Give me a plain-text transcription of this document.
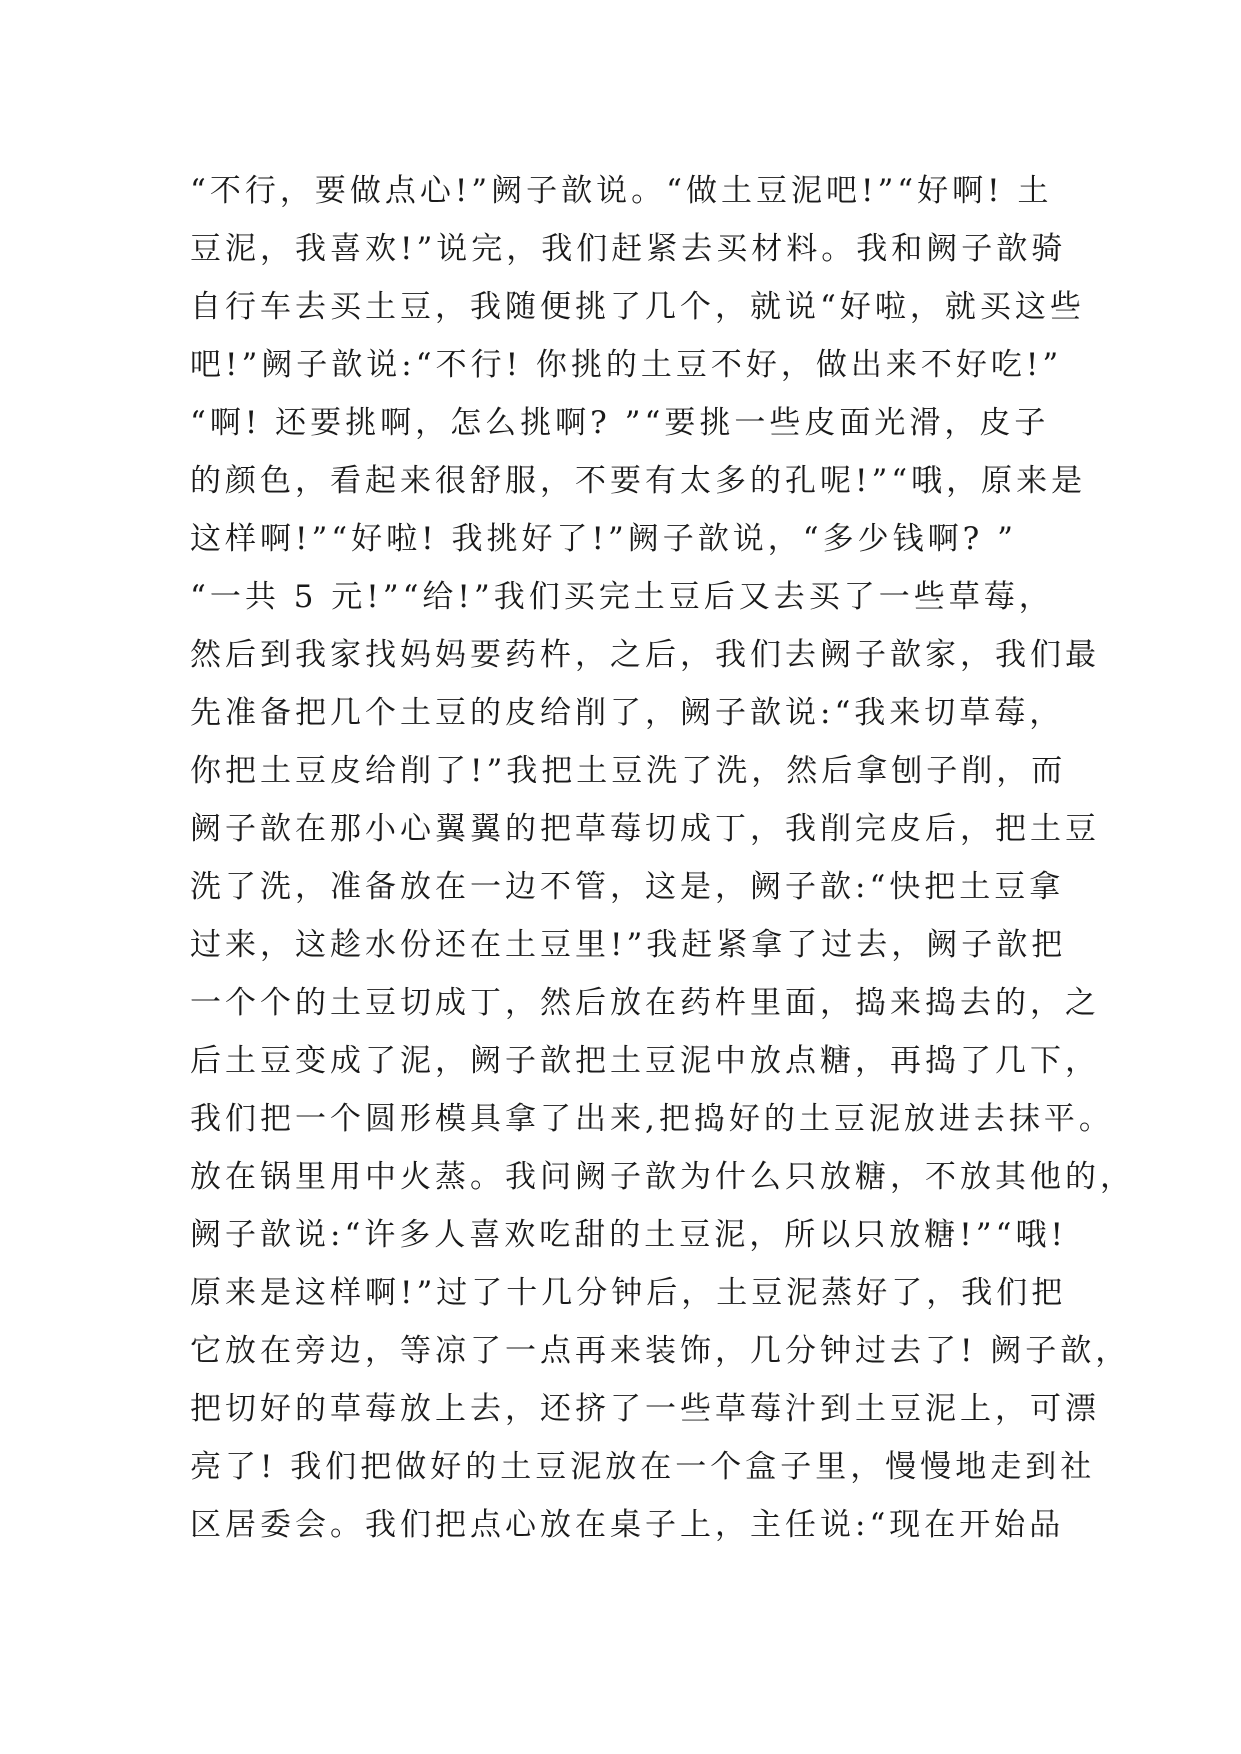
“不行，要做点心!”阙子歆说。“做土豆泥吧!”“好啊! 土
豆泥，我喜欢!”说完，我们赶紧去买材料。我和阙子歆骑
自行车去买土豆，我随便挑了几个，就说“好啦，就买这些
吧!”阙子歆说:“不行! 你挑的土豆不好，做出来不好吃!”
“啊! 还要挑啊，怎么挑啊? ”“要挑一些皮面光滑，皮子
的颜色，看起来很舒服，不要有太多的孔呢!”“哦，原来是
这样啊!”“好啦! 我挑好了!”阙子歆说，“多少钱啊? ”
“一共 5 元!”“给!”我们买完土豆后又去买了一些草莓，
然后到我家找妈妈要药杵，之后，我们去阙子歆家，我们最
先准备把几个土豆的皮给削了，阙子歆说:“我来切草莓，
你把土豆皮给削了!”我把土豆洗了洗，然后拿刨子削，而
阙子歆在那小心翼翼的把草莓切成丁，我削完皮后，把土豆
洗了洗，准备放在一边不管，这是，阙子歆:“快把土豆拿
过来，这趁水份还在土豆里!”我赶紧拿了过去，阙子歆把
一个个的土豆切成丁，然后放在药杵里面，捣来捣去的，之
后土豆变成了泥，阙子歆把土豆泥中放点糖，再捣了几下，
我们把一个圆形模具拿了出来,把捣好的土豆泥放进去抹平。
放在锅里用中火蒸。我问阙子歆为什么只放糖，不放其他的，
阙子歆说:“许多人喜欢吃甜的土豆泥，所以只放糖!”“哦!
原来是这样啊!”过了十几分钟后，土豆泥蒸好了，我们把
它放在旁边，等凉了一点再来装饰，几分钟过去了! 阙子歆，
把切好的草莓放上去，还挤了一些草莓汁到土豆泥上，可漂
亮了! 我们把做好的土豆泥放在一个盒子里，慢慢地走到社
区居委会。我们把点心放在桌子上，主任说:“现在开始品
